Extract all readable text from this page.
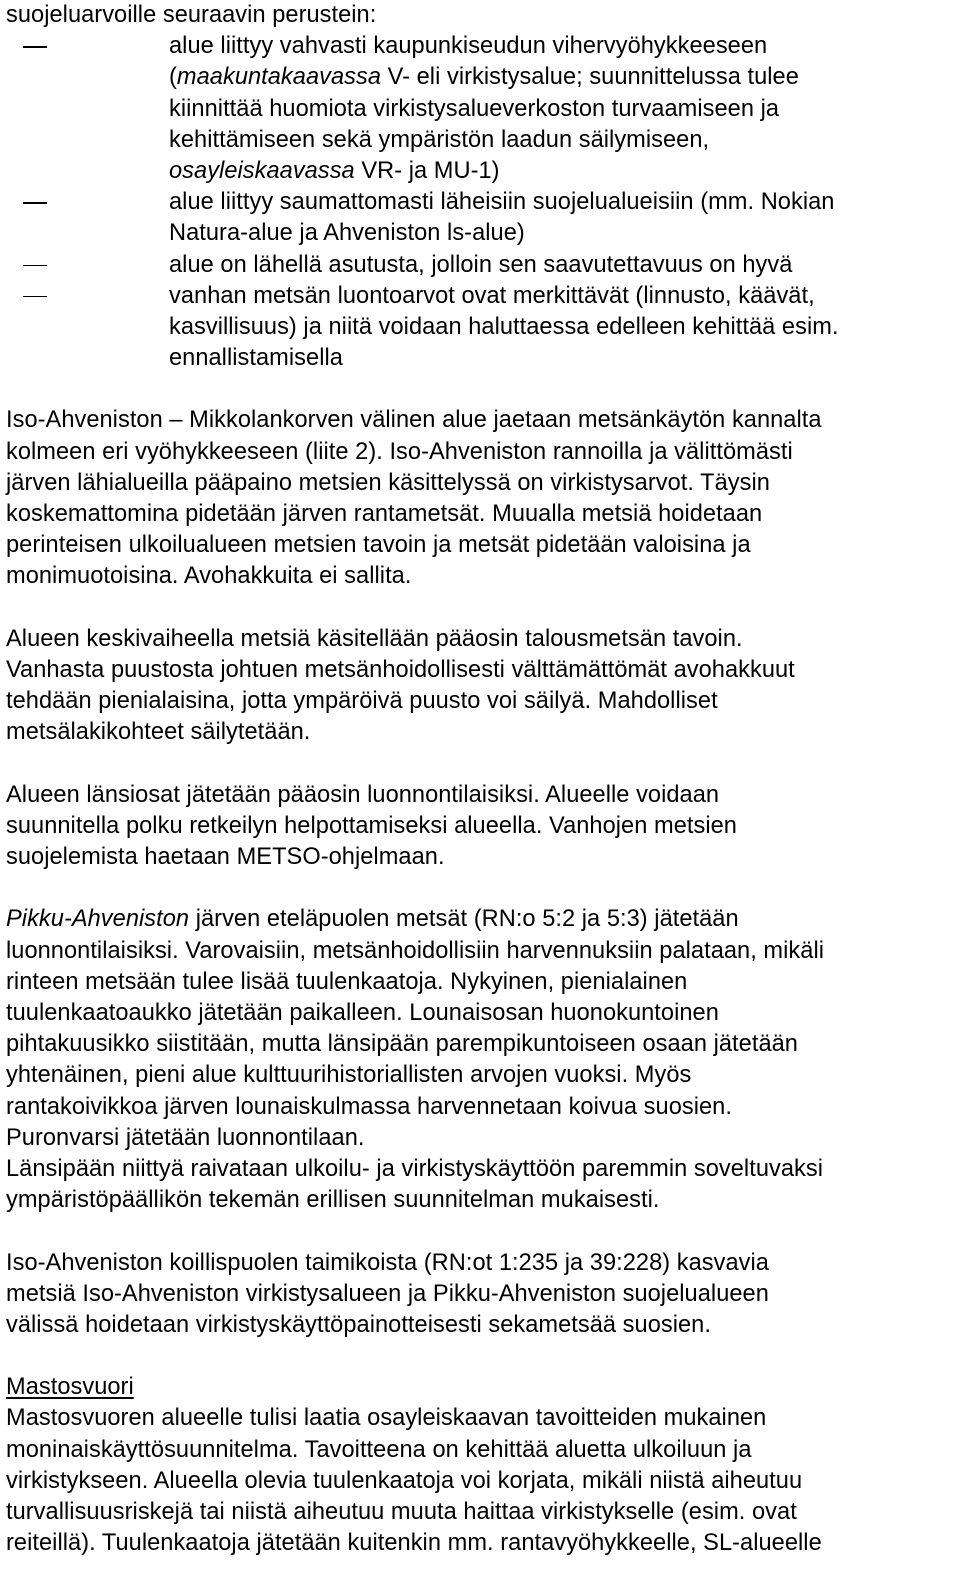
suojeluarvoille seuraavin perustein:
alue liittyy vahvasti kaupunkiseudun vihervyöhykkeeseen
(maakuntakaavassa V- eli virkistysalue; suunnittelussa tulee
kiinnittää huomiota virkistysalueverkoston turvaamiseen ja
kehittämiseen sekä ympäristön laadun säilymiseen,
osayleiskaavassa VR- ja MU-1)
alue liittyy saumattomasti läheisiin suojelualueisiin (mm. Nokian
Natura-alue ja Ahveniston ls-alue)
alue on lähellä asutusta, jolloin sen saavutettavuus on hyvä
vanhan metsän luontoarvot ovat merkittävät (linnusto, käävät,
kasvillisuus) ja niitä voidaan haluttaessa edelleen kehittää esim.
ennallistamisella
Iso-Ahveniston – Mikkolankorven välinen alue jaetaan metsänkäytön kannalta
kolmeen eri vyöhykkeeseen (liite 2). Iso-Ahveniston rannoilla ja välittömästi
järven lähialueilla pääpaino metsien käsittelyssä on virkistysarvot. Täysin
koskemattomina pidetään järven rantametsät. Muualla metsiä hoidetaan
perinteisen ulkoilualueen metsien tavoin ja metsät pidetään valoisina ja
monimuotoisina. Avohakkuita ei sallita.
Alueen keskivaiheella metsiä käsitellään pääosin talousmetsän tavoin.
Vanhasta puustosta johtuen metsänhoidollisesti välttämättömät avohakkuut
tehdään pienialaisina, jotta ympäröivä puusto voi säilyä. Mahdolliset
metsälakikohteet säilytetään.
Alueen länsiosat jätetään pääosin luonnontilaisiksi. Alueelle voidaan
suunnitella polku retkeilyn helpottamiseksi alueella. Vanhojen metsien
suojelemista haetaan METSO-ohjelmaan.
Pikku-Ahveniston järven eteläpuolen metsät (RN:o 5:2 ja 5:3) jätetään
luonnontilaisiksi. Varovaisiin, metsänhoidollisiin harvennuksiin palataan, mikäli
rinteen metsään tulee lisää tuulenkaatoja. Nykyinen, pienialainen
tuulenkaatoaukko jätetään paikalleen. Lounaisosan huonokuntoinen
pihtakuusikko siistitään, mutta länsipään parempikuntoiseen osaan jätetään
yhtenäinen, pieni alue kulttuurihistoriallisten arvojen vuoksi. Myös
rantakoivikkoa järven lounaiskulmassa harvennetaan koivua suosien.
Puronvarsi jätetään luonnontilaan.
Länsipään niittyä raivataan ulkoilu- ja virkistyskäyttöön paremmin soveltuvaksi
ympäristöpäällikön tekemän erillisen suunnitelman mukaisesti.
Iso-Ahveniston koillispuolen taimikoista (RN:ot 1:235 ja 39:228) kasvavia
metsiä Iso-Ahveniston virkistysalueen ja Pikku-Ahveniston suojelualueen
välissä hoidetaan virkistyskäyttöpainotteisesti sekametsää suosien.
Mastosvuori
Mastosvuoren alueelle tulisi laatia osayleiskaavan tavoitteiden mukainen
moninaiskäyttösuunnitelma. Tavoitteena on kehittää aluetta ulkoiluun ja
virkistykseen. Alueella olevia tuulenkaatoja voi korjata, mikäli niistä aiheutuu
turvallisuusriskejä tai niistä aiheutuu muuta haittaa virkistykselle (esim. ovat
reiteillä). Tuulenkaatoja jätetään kuitenkin mm. rantavyöhykkeelle, SL-alueelle
